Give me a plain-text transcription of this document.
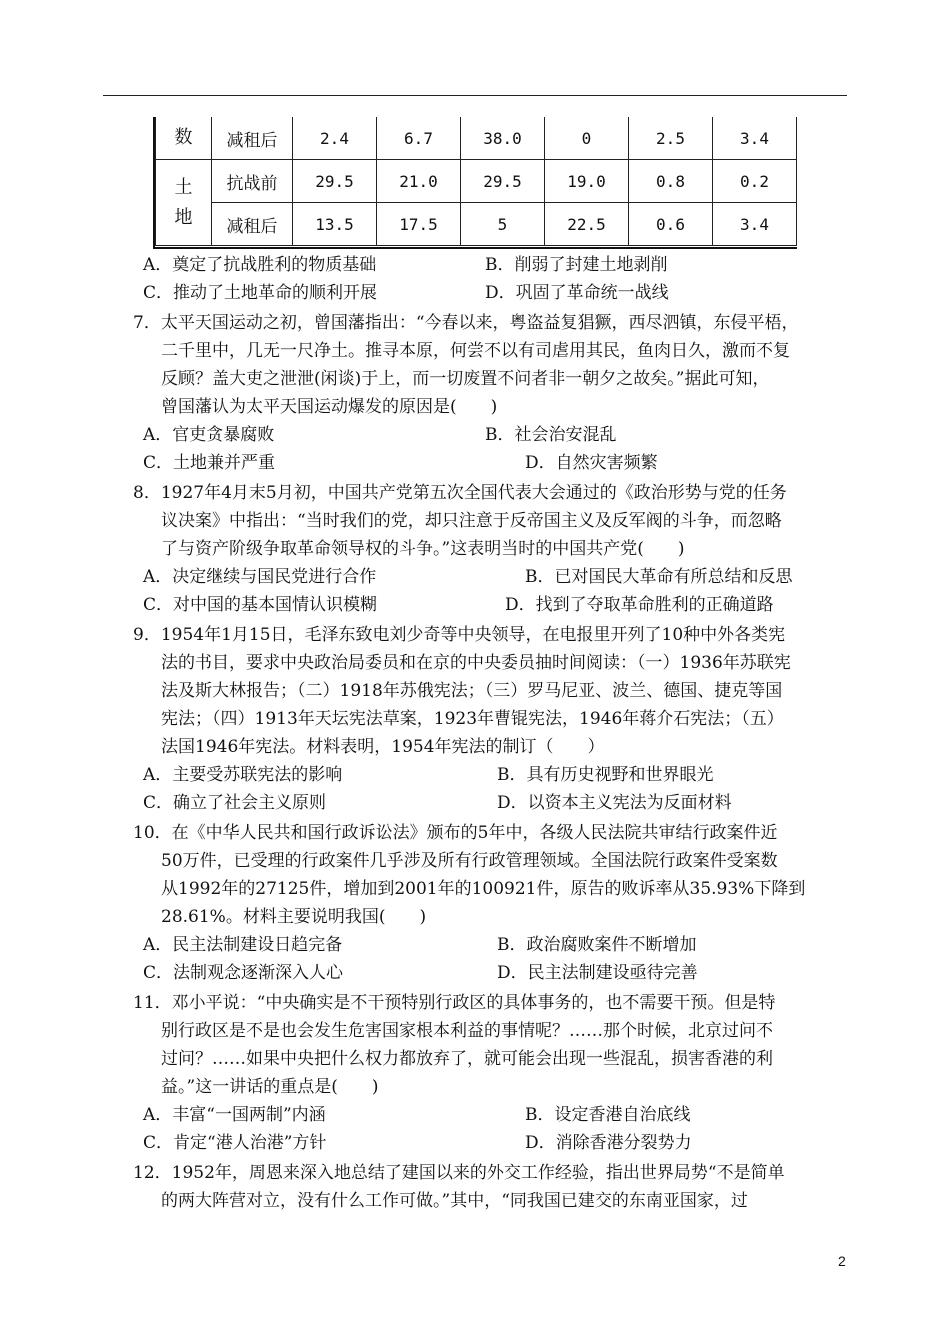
数	减租后	2.4	6.7	38.0	0	2.5	3.4

土
地	抗战前	29.5	21.0	29.5	19.0	0.8	0.2
	减租后	13.5	17.5	5	22.5	0.6	3.4
A．奠定了抗战胜利的物质基础	B．削弱了封建土地剥削
C．推动了土地革命的顺利开展	D．巩固了革命统一战线
7．太平天国运动之初，曾国藩指出：“今春以来，粤盗益复猖獗，西尽泗镇，东侵平梧，
二千里中，几无一尺净土。推寻本原，何尝不以有司虐用其民，鱼肉日久，激而不复
反顾？盖大吏之泄泄(闲谈)于上，而一切废置不问者非一朝夕之故矣。”据此可知，
曾国藩认为太平天国运动爆发的原因是(　　)
A．官吏贪暴腐败	B．社会治安混乱
C．土地兼并严重	D．自然灾害频繁
8．1927年4月末5月初，中国共产党第五次全国代表大会通过的《政治形势与党的任务
议决案》中指出：“当时我们的党，却只注意于反帝国主义及反军阀的斗争，而忽略
了与资产阶级争取革命领导权的斗争。”这表明当时的中国共产党(　　)
A．决定继续与国民党进行合作	B．已对国民大革命有所总结和反思
C．对中国的基本国情认识模糊	D．找到了夺取革命胜利的正确道路
9．1954年1月15日，毛泽东致电刘少奇等中央领导，在电报里开列了10种中外各类宪
法的书目，要求中央政治局委员和在京的中央委员抽时间阅读：（一）1936年苏联宪
法及斯大林报告；（二）1918年苏俄宪法；（三）罗马尼亚、波兰、德国、捷克等国
宪法；（四）1913年天坛宪法草案，1923年曹锟宪法，1946年蒋介石宪法；（五）
法国1946年宪法。材料表明，1954年宪法的制订（　　）
A．主要受苏联宪法的影响	B．具有历史视野和世界眼光
C．确立了社会主义原则	D．以资本主义宪法为反面材料
10．在《中华人民共和国行政诉讼法》颁布的5年中，各级人民法院共审结行政案件近
50万件，已受理的行政案件几乎涉及所有行政管理领域。全国法院行政案件受案数
从1992年的27125件，增加到2001年的100921件，原告的败诉率从35.93%下降到
28.61%。材料主要说明我国(　　)
A．民主法制建设日趋完备	B．政治腐败案件不断增加
C．法制观念逐渐深入人心	D．民主法制建设亟待完善
11．邓小平说：“中央确实是不干预特别行政区的具体事务的，也不需要干预。但是特
别行政区是不是也会发生危害国家根本利益的事情呢？……那个时候，北京过问不
过问？……如果中央把什么权力都放弃了，就可能会出现一些混乱，损害香港的利
益。”这一讲话的重点是(　　)
A．丰富“一国两制”内涵	B．设定香港自治底线
C．肯定“港人治港”方针	D．消除香港分裂势力
12．1952年，周恩来深入地总结了建国以来的外交工作经验，指出世界局势“不是简单
的两大阵营对立，没有什么工作可做。”其中，“同我国已建交的东南亚国家，过
2
